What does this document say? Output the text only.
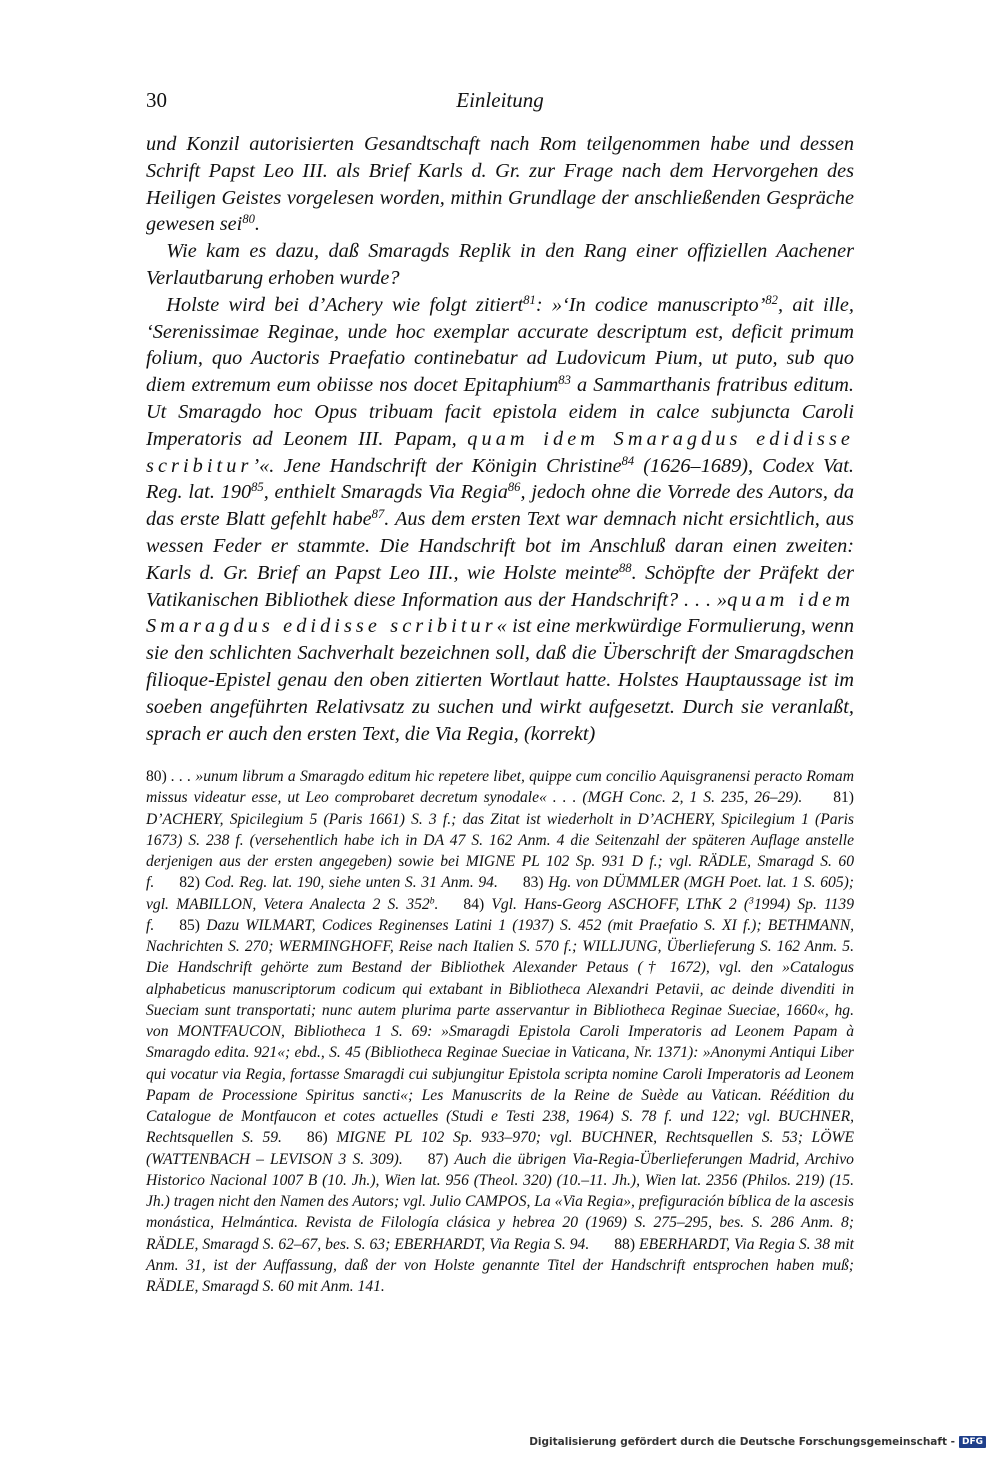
30	Einleitung

und Konzil autorisierten Gesandtschaft nach Rom teilgenommen habe und dessen Schrift Papst Leo III. als Brief Karls d. Gr. zur Frage nach dem Hervorgehen des Heiligen Geistes vorgelesen worden, mithin Grundlage der anschließenden Gespräche gewesen sei$^{80}$.

Wie kam es dazu, daß Smaragds Replik in den Rang einer offiziellen Aachener Verlautbarung erhoben wurde?

Holste wird bei d’Achery wie folgt zitiert$^{81}$: »‘In codice manuscripto’$^{82}$, ait ille, ‘Serenissimae Reginae, unde hoc exemplar accurate descriptum est, deficit primum folium, quo Auctoris Praefatio continebatur ad Ludovicum Pium, ut puto, sub quo diem extremum eum obiisse nos docet Epitaphium$^{83}$ a Sammarthanis fratribus editum. Ut Smaragdo hoc Opus tribuam facit epistola eidem in calce subjuncta Caroli Imperatoris ad Leonem III. Papam, quam idem Smaragdus edidisse scribitur’«. Jene Handschrift der Königin Christine$^{84}$ (1626–1689), Codex Vat. Reg. lat. $190^{85}$, enthielt Smaragds Via Regia$^{86}$, jedoch ohne die Vorrede des Autors, da das erste Blatt gefehlt habe$^{87}$. Aus dem ersten Text war demnach nicht ersichtlich, aus wessen Feder er stammte. Die Handschrift bot im Anschluß daran einen zweiten: Karls d. Gr. Brief an Papst Leo III., wie Holste meinte$^{88}$. Schöpfte der Präfekt der Vatikanischen Bibliothek diese Information aus der Handschrift? . . . »quam idem Smaragdus edidisse scribitur« ist eine merkwürdige Formulierung, wenn sie den schlichten Sachverhalt bezeichnen soll, daß die Überschrift der Smaragdschen filioque-Epistel genau den oben zitierten Wortlaut hatte. Holstes Hauptaussage ist im soeben angeführten Relativsatz zu suchen und wirkt aufgesetzt. Durch sie veranlaßt, sprach er auch den ersten Text, die Via Regia, (korrekt)

80) . . . »unum librum a Smaragdo editum hic repetere libet, quippe cum concilio Aquisgranensi peracto Romam missus videatur esse, ut Leo comprobaret decretum synodale« . . . (MGH Conc. 2, 1 S. 235, 26–29). 81) D’ACHERY, Spicilegium 5 (Paris 1661) S. 3 f.; das Zitat ist wiederholt in D’ACHERY, Spicilegium 1 (Paris 1673) S. 238 f. (versehentlich habe ich in DA 47 S. 162 Anm. 4 die Seitenzahl der späteren Auflage anstelle derjenigen aus der ersten angegeben) sowie bei MIGNE PL 102 Sp. 931 D f.; vgl. RÄDLE, Smaragd S. 60 f. 82) Cod. Reg. lat. 190, siehe unten S. 31 Anm. 94. 83) Hg. von DÜMMLER (MGH Poet. lat. 1 S. 605); vgl. MABILLON, Vetera Analecta 2 S. 352$^b$. 84) Vgl. Hans-Georg ASCHOFF, LThK 2 ($^3$1994) Sp. 1139 f. 85) Dazu WILMART, Codices Reginenses Latini 1 (1937) S. 452 (mit Praefatio S. XI f.); BETHMANN, Nachrichten S. 270; WERMINGHOFF, Reise nach Italien S. 570 f.; WILLJUNG, Überlieferung S. 162 Anm. 5. Die Handschrift gehörte zum Bestand der Bibliothek Alexander Petaus († 1672), vgl. den »Catalogus alphabeticus manuscriptorum codicum qui extabant in Bibliotheca Alexandri Petavii, ac deinde divenditi in Sueciam sunt transportati; nunc autem plurima parte asservantur in Bibliotheca Reginae Sueciae, 1660«, hg. von MONTFAUCON, Bibliotheca 1 S. 69: »Smaragdi Epistola Caroli Imperatoris ad Leonem Papam à Smaragdo edita. 921«; ebd., S. 45 (Bibliotheca Reginae Sueciae in Vaticana, Nr. 1371): »Anonymi Antiqui Liber qui vocatur via Regia, fortasse Smaragdi cui subjungitur Epistola scripta nomine Caroli Imperatoris ad Leonem Papam de Processione Spiritus sancti«; Les Manuscrits de la Reine de Suède au Vatican. Réédition du Catalogue de Montfaucon et cotes actuelles (Studi e Testi 238, 1964) S. 78 f. und 122; vgl. BUCHNER, Rechtsquellen S. 59. 86) MIGNE PL 102 Sp. 933–970; vgl. BUCHNER, Rechtsquellen S. 53; LÖWE (WATTENBACH – LEVISON 3 S. 309). 87) Auch die übrigen Via-Regia-Überlieferungen Madrid, Archivo Historico Nacional 1007 B (10. Jh.), Wien lat. 956 (Theol. 320) (10.–11. Jh.), Wien lat. 2356 (Philos. 219) (15. Jh.) tragen nicht den Namen des Autors; vgl. Julio CAMPOS, La «Via Regia», prefiguración bíblica de la ascesis monástica, Helmántica. Revista de Filología clásica y hebrea 20 (1969) S. 275–295, bes. S. 286 Anm. 8; RÄDLE, Smaragd S. 62–67, bes. S. 63; EBERHARDT, Via Regia S. 94. 88) EBERHARDT, Via Regia S. 38 mit Anm. 31, ist der Auffassung, daß der von Holste genannte Titel der Handschrift entsprochen haben muß; RÄDLE, Smaragd S. 60 mit Anm. 141.
Digitalisierung gefördert durch die Deutsche Forschungsgemeinschaft - DFG
